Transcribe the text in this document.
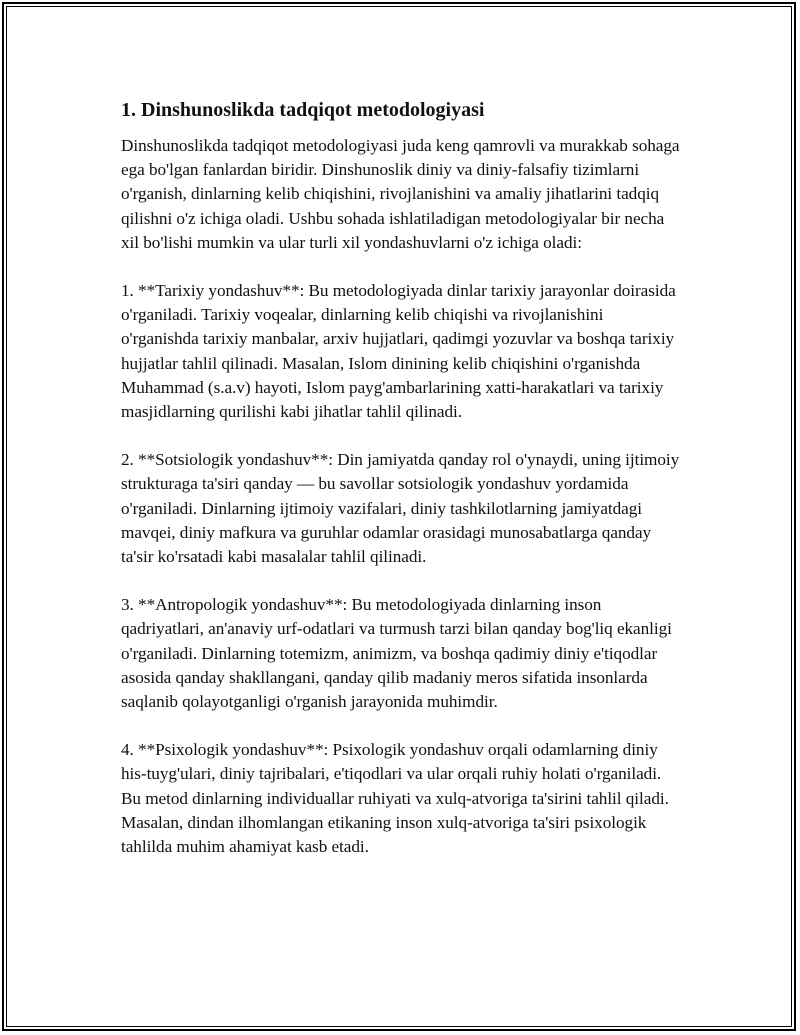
1. Dinshunoslikda tadqiqot metodologiyasi

Dinshunoslikda tadqiqot metodologiyasi juda keng qamrovli va murakkab sohaga ega bo'lgan fanlardan biridir. Dinshunoslik diniy va diniy-falsafiy tizimlarni o'rganish, dinlarning kelib chiqishini, rivojlanishini va amaliy jihatlarini tadqiq qilishni o'z ichiga oladi. Ushbu sohada ishlatiladigan metodologiyalar bir necha xil bo'lishi mumkin va ular turli xil yondashuvlarni o'z ichiga oladi:

1. **Tarixiy yondashuv**: Bu metodologiyada dinlar tarixiy jarayonlar doirasida o'rganiladi. Tarixiy voqealar, dinlarning kelib chiqishi va rivojlanishini o'rganishda tarixiy manbalar, arxiv hujjatlari, qadimgi yozuvlar va boshqa tarixiy hujjatlar tahlil qilinadi. Masalan, Islom dinining kelib chiqishini o'rganishda Muhammad (s.a.v) hayoti, Islom payg'ambarlarining xatti-harakatlari va tarixiy masjidlarning qurilishi kabi jihatlar tahlil qilinadi.

2. **Sotsiologik yondashuv**: Din jamiyatda qanday rol o'ynaydi, uning ijtimoiy strukturaga ta'siri qanday — bu savollar sotsiologik yondashuv yordamida o'rganiladi. Dinlarning ijtimoiy vazifalari, diniy tashkilotlarning jamiyatdagi mavqei, diniy mafkura va guruhlar odamlar orasidagi munosabatlarga qanday ta'sir ko'rsatadi kabi masalalar tahlil qilinadi.

3. **Antropologik yondashuv**: Bu metodologiyada dinlarning inson qadriyatlari, an'anaviy urf-odatlari va turmush tarzi bilan qanday bog'liq ekanligi o'rganiladi. Dinlarning totemizm, animizm, va boshqa qadimiy diniy e'tiqodlar asosida qanday shakllangani, qanday qilib madaniy meros sifatida insonlarda saqlanib qolayotganligi o'rganish jarayonida muhimdir.

4. **Psixologik yondashuv**: Psixologik yondashuv orqali odamlarning diniy his-tuyg'ulari, diniy tajribalari, e'tiqodlari va ular orqali ruhiy holati o'rganiladi. Bu metod dinlarning individuallar ruhiyati va xulq-atvoriga ta'sirini tahlil qiladi. Masalan, dindan ilhomlangan etikaning inson xulq-atvoriga ta'siri psixologik tahlilda muhim ahamiyat kasb etadi.
